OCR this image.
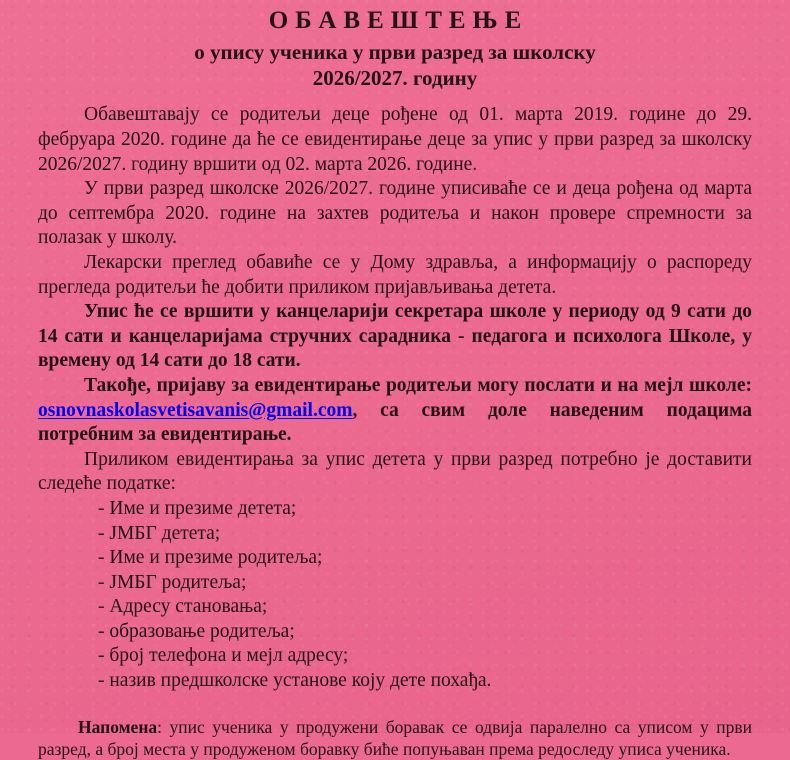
ОБАВЕШТЕЊЕ
о упису ученика у први разред за школску
2026/2027. годину

Обавештавају се родитељи деце рођене од 01. марта 2019. године до 29. фебруара 2020. године да ће се евидентирање деце за упис у први разред за школску 2026/2027. годину вршити од 02. марта 2026. године.

У први разред школске 2026/2027. године уписиваће се и деца рођена од марта до септембра 2020. године на захтев родитеља и након провере спремности за полазак у школу.

Лекарски преглед обавиће се у Дому здравља, а информацију о распореду прегледа родитељи ће добити приликом пријављивања детета.

Упис ће се вршити у канцеларији секретара школе у периоду од 9 сати до 14 сати и канцеларијама стручних сарадника - педагога и психолога Школе, у времену од 14 сати до 18 сати.

Такође, пријаву за евидентирање родитељи могу послати и на мејл школе: osnovnaskolasvetisavanis@gmail.com, са свим доле наведеним подацима потребним за евидентирање.

Приликом евидентирања за упис детета у први разред потребно је доставити следеће податке:

- Име и презиме детета;
- ЈМБГ детета;
- Име и презиме родитеља;
- ЈМБГ родитеља;
- Адресу становања;
- образовање родитеља;
- број телефона и мејл адресу;
- назив предшколске установе коју дете похађа.

Напомена: упис ученика у продужени боравак се одвија паралелно са уписом у први разред, а број места у продуженом боравку биће попуњаван према редоследу уписа ученика.
